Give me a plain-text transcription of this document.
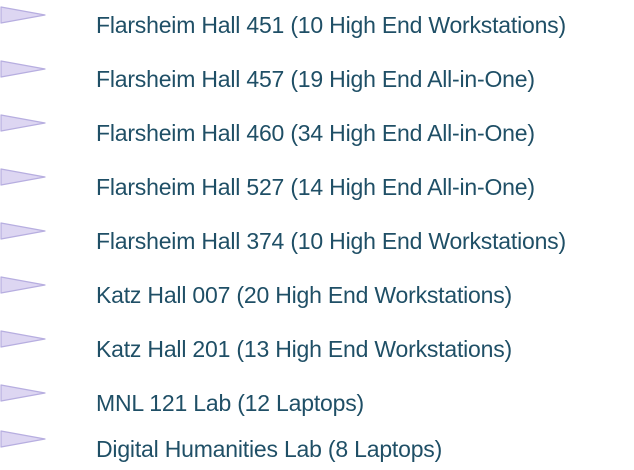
Flarsheim Hall 451 (10 High End Workstations)
Flarsheim Hall 457 (19 High End All-in-One)
Flarsheim Hall 460 (34 High End All-in-One)
Flarsheim Hall 527 (14 High End All-in-One)
Flarsheim Hall 374 (10 High End Workstations)
Katz Hall 007 (20 High End Workstations)
Katz Hall 201 (13 High End Workstations)
MNL 121 Lab (12 Laptops)
Digital Humanities Lab (8 Laptops)
